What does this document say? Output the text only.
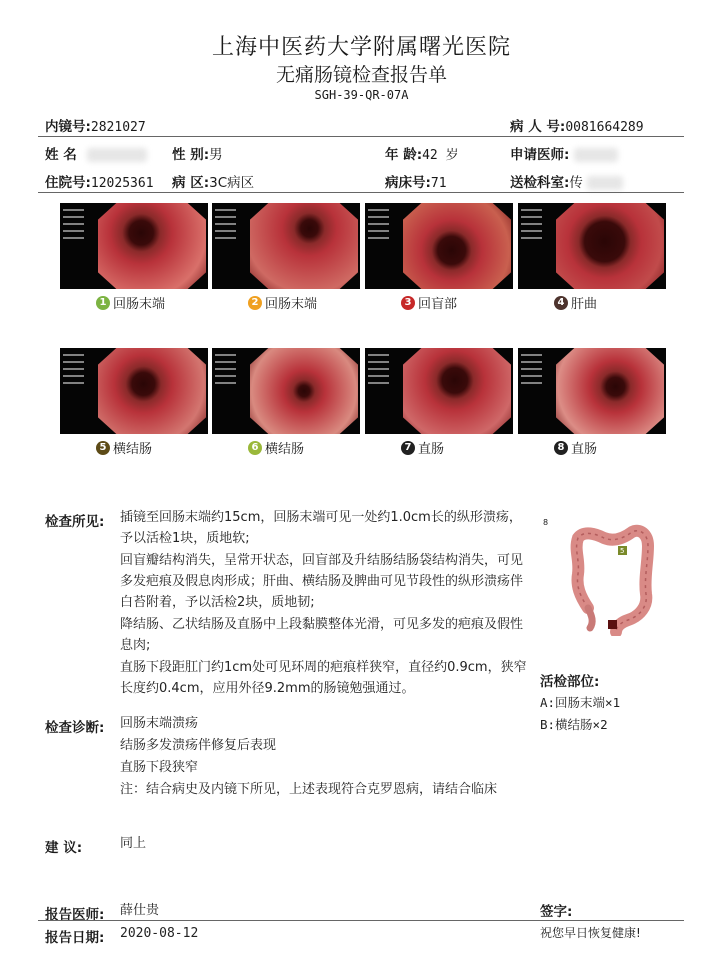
上海中医药大学附属曙光医院
无痛肠镜检查报告单
SGH-39-QR-07A
内镜号:2821027	病 人 号:0081664289
姓 名	性 别:男	年 龄:42 岁	申请医师:
住院号:12025361 病 区:3C病区	病床号:71	送检科室:传
1 回肠末端	2 回肠末端	3 回盲部	4 肝曲
5 横结肠	6 横结肠	7 直肠	8 直肠
检查所见: 插镜至回肠末端约15cm，回肠末端可见一处约1.0cm长的纵形溃疡，予以活检1块，质地软;

回盲瓣结构消失，呈常开状态，回盲部及升结肠结肠袋结构消失，可见多发疤痕及假息肉形成；肝曲、横结肠及脾曲可见节段性的纵形溃疡伴白苔附着，予以活检2块，质地韧;

降结肠、乙状结肠及直肠中上段黏膜整体光滑，可见多发的疤痕及假性息肉;

直肠下段距肛门约1cm处可见环周的疤痕样狭窄，直径约0.9cm，狭窄长度约0.4cm，应用外径9.2mm的肠镜勉强通过。

8
5
活检部位:
A:回肠末端×1
B:横结肠×2
检查诊断: 回肠末端溃疡

结肠多发溃疡伴修复后表现

直肠下段狭窄

注：结合病史及内镜下所见，上述表现符合克罗恩病，请结合临床

建 议:	同上
报告医师: 薛仕贵	签字:
报告日期: 2020-08-12	祝您早日恢复健康!
